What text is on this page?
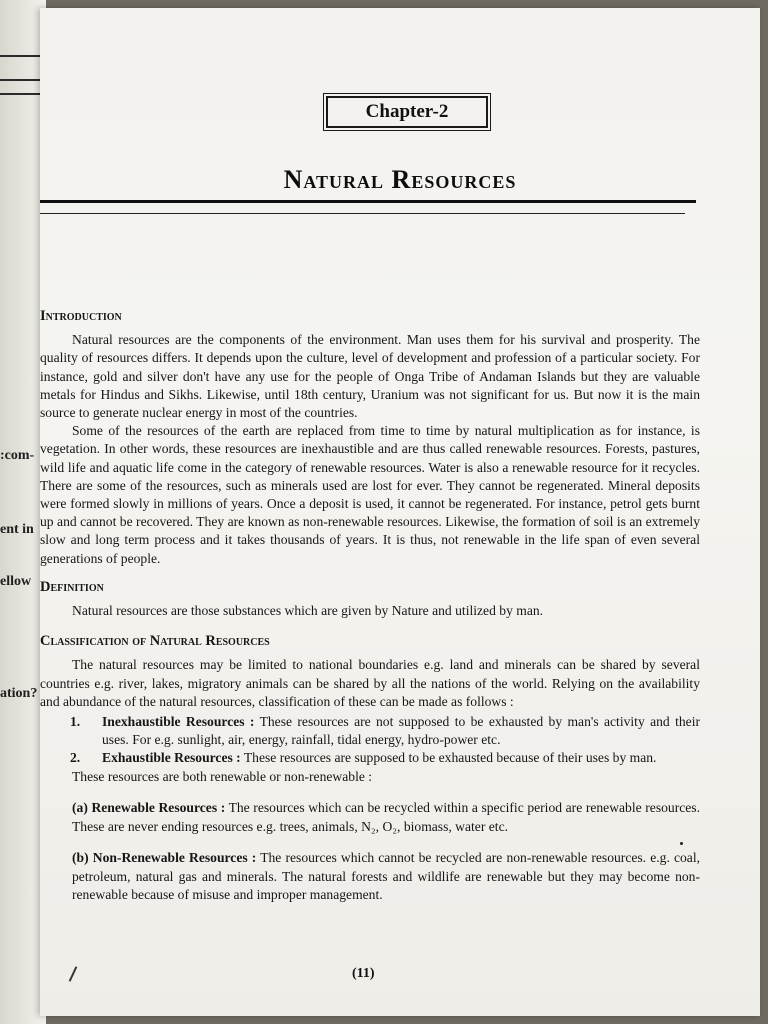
:com-
ent in
ellow
ation?
Chapter-2
Natural Resources
Introduction

Natural resources are the components of the environment. Man uses them for his survival and prosperity. The quality of resources differs. It depends upon the culture, level of development and profession of a particular society. For instance, gold and silver don't have any use for the people of Onga Tribe of Andaman Islands but they are valuable metals for Hindus and Sikhs. Likewise, until 18th century, Uranium was not significant for us. But now it is the main source to generate nuclear energy in most of the countries.

Some of the resources of the earth are replaced from time to time by natural multiplication as for instance, is vegetation. In other words, these resources are inexhaustible and are thus called renewable resources. Forests, pastures, wild life and aquatic life come in the category of renewable resources. Water is also a renewable resource for it recycles. There are some of the resources, such as minerals used are lost for ever. They cannot be regenerated. Mineral deposits were formed slowly in millions of years. Once a deposit is used, it cannot be regenerated. For instance, petrol gets burnt up and cannot be recovered. They are known as non-renewable resources. Likewise, the formation of soil is an extremely slow and long term process and it takes thousands of years. It is thus, not renewable in the life span of even several generations of people.

Definition

Natural resources are those substances which are given by Nature and utilized by man.

Classification of Natural Resources

The natural resources may be limited to national boundaries e.g. land and minerals can be shared by several countries e.g. river, lakes, migratory animals can be shared by all the nations of the world. Relying on the availability and abundance of the natural resources, classification of these can be made as follows :

1. Inexhaustible Resources : These resources are not supposed to be exhausted by man's activity and their uses. For e.g. sunlight, air, energy, rainfall, tidal energy, hydro-power etc.
2. Exhaustible Resources : These resources are supposed to be exhausted because of their uses by man.

These resources are both renewable or non-renewable :

(a) Renewable Resources : The resources which can be recycled within a specific period are renewable resources. These are never ending resources e.g. trees, animals, N₂, O₂, biomass, water etc.

(b) Non-Renewable Resources : The resources which cannot be recycled are non-renewable resources. e.g. coal, petroleum, natural gas and minerals. The natural forests and wildlife are renewable but they may become non-renewable because of misuse and improper management.

(11)
